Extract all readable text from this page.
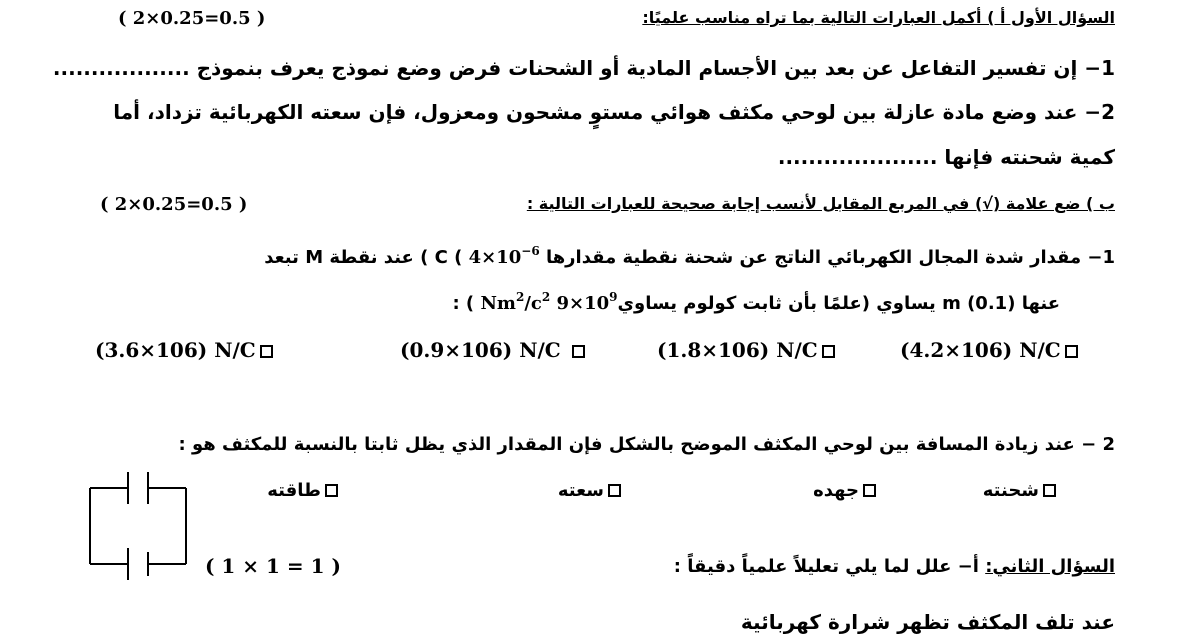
السؤال الأول أ ) أكمل العبارات التالية بما تراه مناسب علميًا:
( 2×0.25=0.5 )
1− إن تفسير التفاعل عن بعد بين الأجسام المادية أو الشحنات فرض وضع نموذج يعرف بنموذج ..................
2− عند وضع مادة عازلة بين لوحي مكثف هوائي مستوٍ مشحون ومعزول، فإن سعته الكهربائية تزداد، أما
كمية شحنته فإنها .....................
ب ) ضع علامة (√) في المربع المقابل لأنسب إجابة صحيحة للعبارات التالية :
( 2×0.25=0.5 )
1− مقدار شدة المجال الكهربائي الناتج عن شحنة نقطية مقدارها C ( $4\times 10^{-6}$ ) عند نقطة M تبعد
عنها m (0.1) يساوي (علمًا بأن ثابت كولوم $يساويNm^2/c^2$ $9\times 10^9$ ) :
(4.2×106) N/C
(1.8×106) N/C
(0.9×106) N/C
(3.6×106) N/C
2 − عند زيادة المسافة بين لوحي المكثف الموضح بالشكل فإن المقدار الذي يظل ثابتا بالنسبة للمكثف هو :
شحنته
جهده
سعته
طاقته
السؤال الثاني: أ− علل لما يلي تعليلاً علمياً دقيقاً :
( 1 × 1 = 1 )
عند تلف المكثف تظهر شرارة كهربائية
